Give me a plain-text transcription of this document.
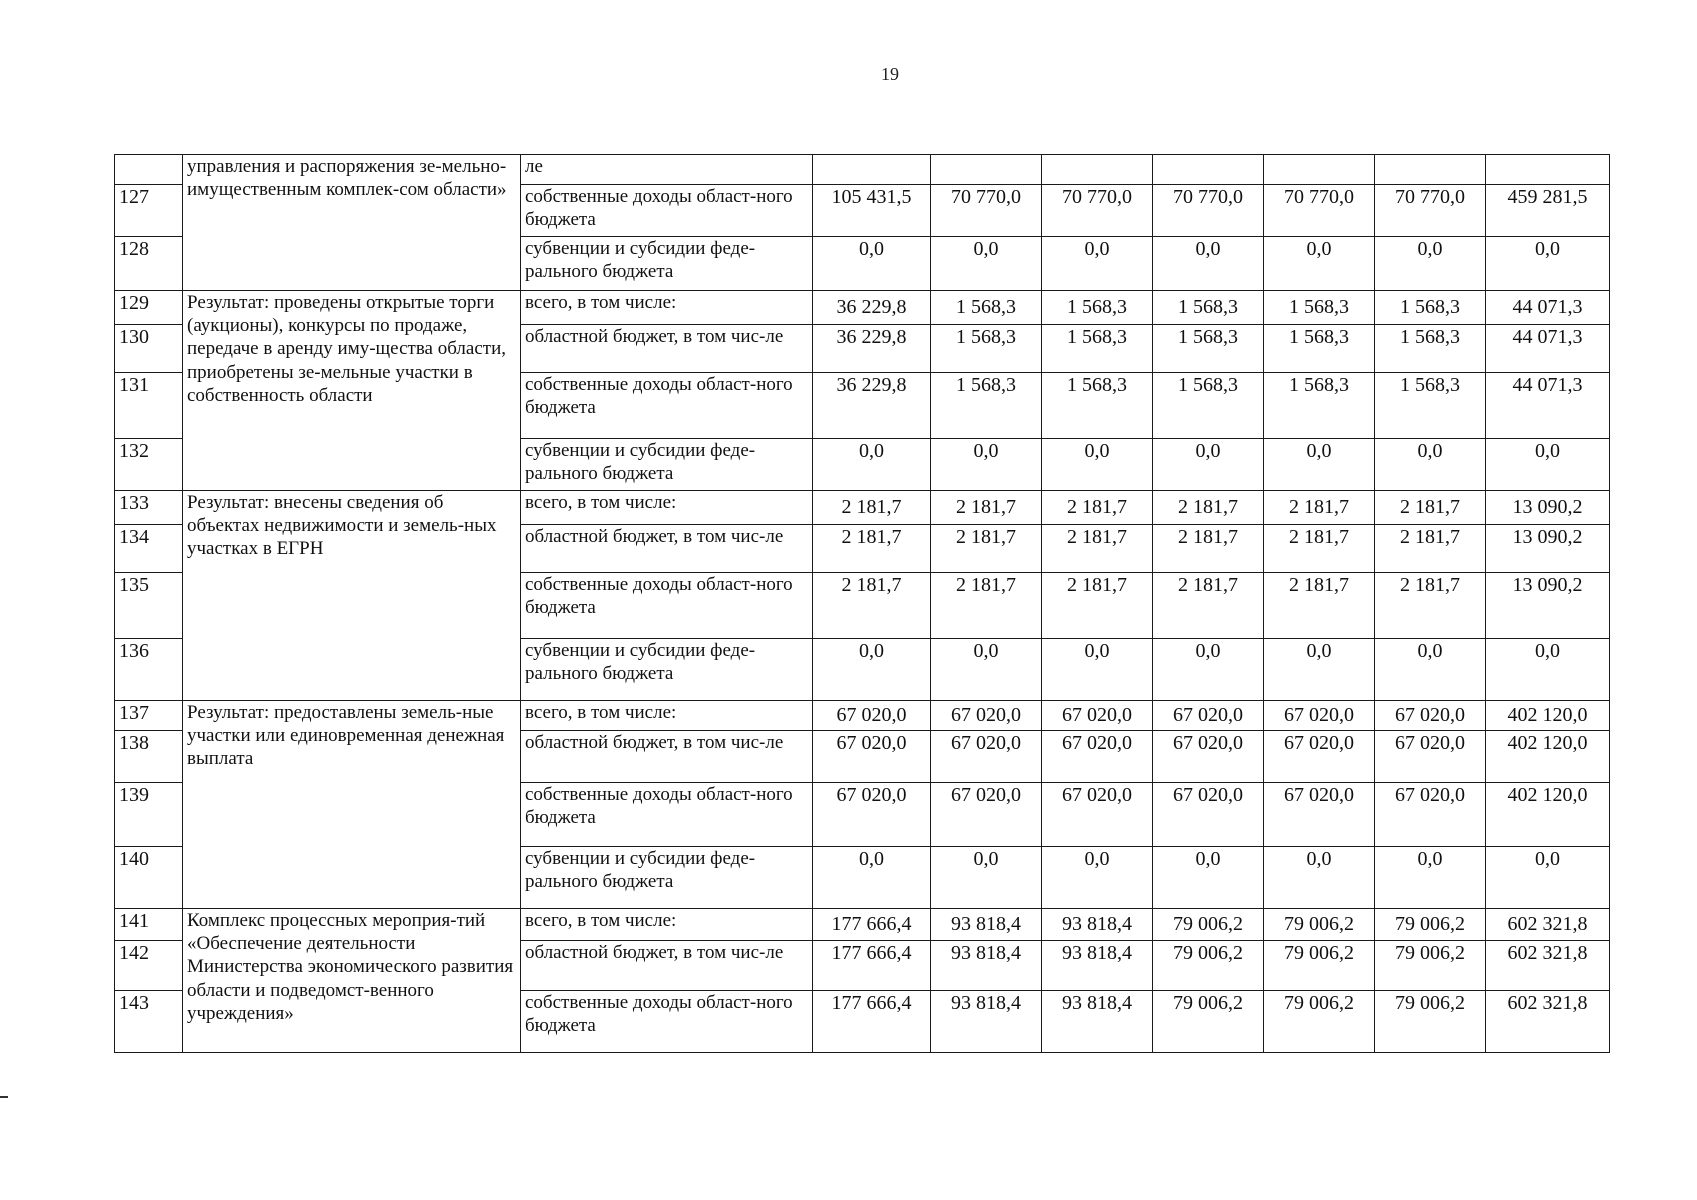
19
	управления и распоряжения зе-мельно-имущественным комплек-сом области»	ле							
127		собственные доходы област-ного бюджета	105 431,5	70 770,0	70 770,0	70 770,0	70 770,0	70 770,0	459 281,5
128		субвенции и субсидии феде-рального бюджета	0,0	0,0	0,0	0,0	0,0	0,0	0,0
129	Результат: проведены открытые торги (аукционы), конкурсы по продаже, передаче в аренду иму-щества области, приобретены зе-мельные участки в собственность области	всего, в том числе:	36 229,8	1 568,3	1 568,3	1 568,3	1 568,3	1 568,3	44 071,3
130		областной бюджет, в том чис-ле	36 229,8	1 568,3	1 568,3	1 568,3	1 568,3	1 568,3	44 071,3
131		собственные доходы област-ного бюджета	36 229,8	1 568,3	1 568,3	1 568,3	1 568,3	1 568,3	44 071,3
132		субвенции и субсидии феде-рального бюджета	0,0	0,0	0,0	0,0	0,0	0,0	0,0
133	Результат: внесены сведения об объектах недвижимости и земель-ных участках в ЕГРН	всего, в том числе:	2 181,7	2 181,7	2 181,7	2 181,7	2 181,7	2 181,7	13 090,2
134		областной бюджет, в том чис-ле	2 181,7	2 181,7	2 181,7	2 181,7	2 181,7	2 181,7	13 090,2
135		собственные доходы област-ного бюджета	2 181,7	2 181,7	2 181,7	2 181,7	2 181,7	2 181,7	13 090,2
136		субвенции и субсидии феде-рального бюджета	0,0	0,0	0,0	0,0	0,0	0,0	0,0
137	Результат: предоставлены земель-ные участки или единовременная денежная выплата	всего, в том числе:	67 020,0	67 020,0	67 020,0	67 020,0	67 020,0	67 020,0	402 120,0
138		областной бюджет, в том чис-ле	67 020,0	67 020,0	67 020,0	67 020,0	67 020,0	67 020,0	402 120,0
139		собственные доходы област-ного бюджета	67 020,0	67 020,0	67 020,0	67 020,0	67 020,0	67 020,0	402 120,0
140		субвенции и субсидии феде-рального бюджета	0,0	0,0	0,0	0,0	0,0	0,0	0,0
141	Комплекс процессных мероприя-тий «Обеспечение деятельности Министерства экономического развития области и подведомст-венного учреждения»	всего, в том числе:	177 666,4	93 818,4	93 818,4	79 006,2	79 006,2	79 006,2	602 321,8
142		областной бюджет, в том чис-ле	177 666,4	93 818,4	93 818,4	79 006,2	79 006,2	79 006,2	602 321,8
143		собственные доходы област-ного бюджета	177 666,4	93 818,4	93 818,4	79 006,2	79 006,2	79 006,2	602 321,8
